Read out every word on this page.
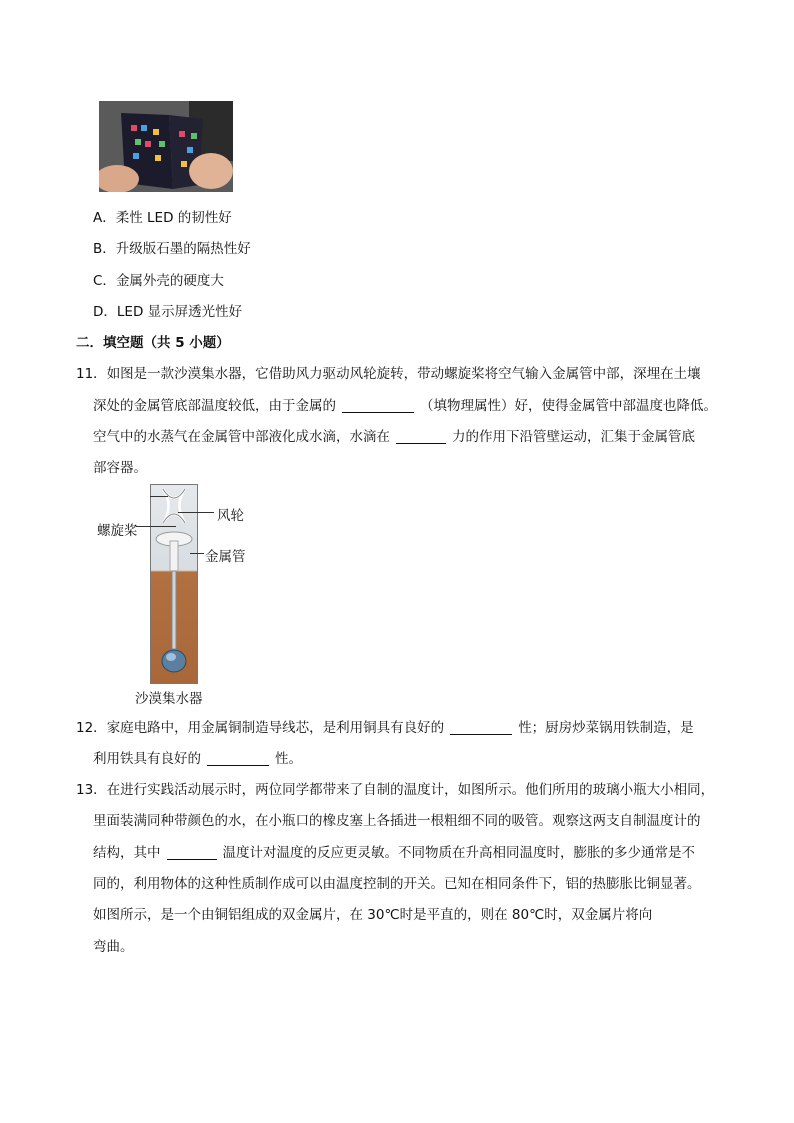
A．柔性 LED 的韧性好
B．升级版石墨的隔热性好
C．金属外壳的硬度大
D．LED 显示屏透光性好
二．填空题（共 5 小题）
11．如图是一款沙漠集水器，它借助风力驱动风轮旋转，带动螺旋桨将空气输入金属管中部，深埋在土壤
深处的金属管底部温度较低，由于金属的	（填物理属性）好，使得金属管中部温度也降低。
空气中的水蒸气在金属管中部液化成水滴，水滴在	力的作用下沿管壁运动，汇集于金属管底
部容器。
风轮
螺旋桨
金属管
沙漠集水器
12．家庭电路中，用金属铜制造导线芯，是利用铜具有良好的	性；厨房炒菜锅用铁制造，是
利用铁具有良好的	性。
13．在进行实践活动展示时，两位同学都带来了自制的温度计，如图所示。他们所用的玻璃小瓶大小相同，
里面装满同种带颜色的水，在小瓶口的橡皮塞上各插进一根粗细不同的吸管。观察这两支自制温度计的
结构，其中	温度计对温度的反应更灵敏。不同物质在升高相同温度时，膨胀的多少通常是不
同的，利用物体的这种性质制作成可以由温度控制的开关。已知在相同条件下，铝的热膨胀比铜显著。
如图所示，是一个由铜铝组成的双金属片，在 30℃时是平直的，则在 80℃时，双金属片将向
弯曲。
